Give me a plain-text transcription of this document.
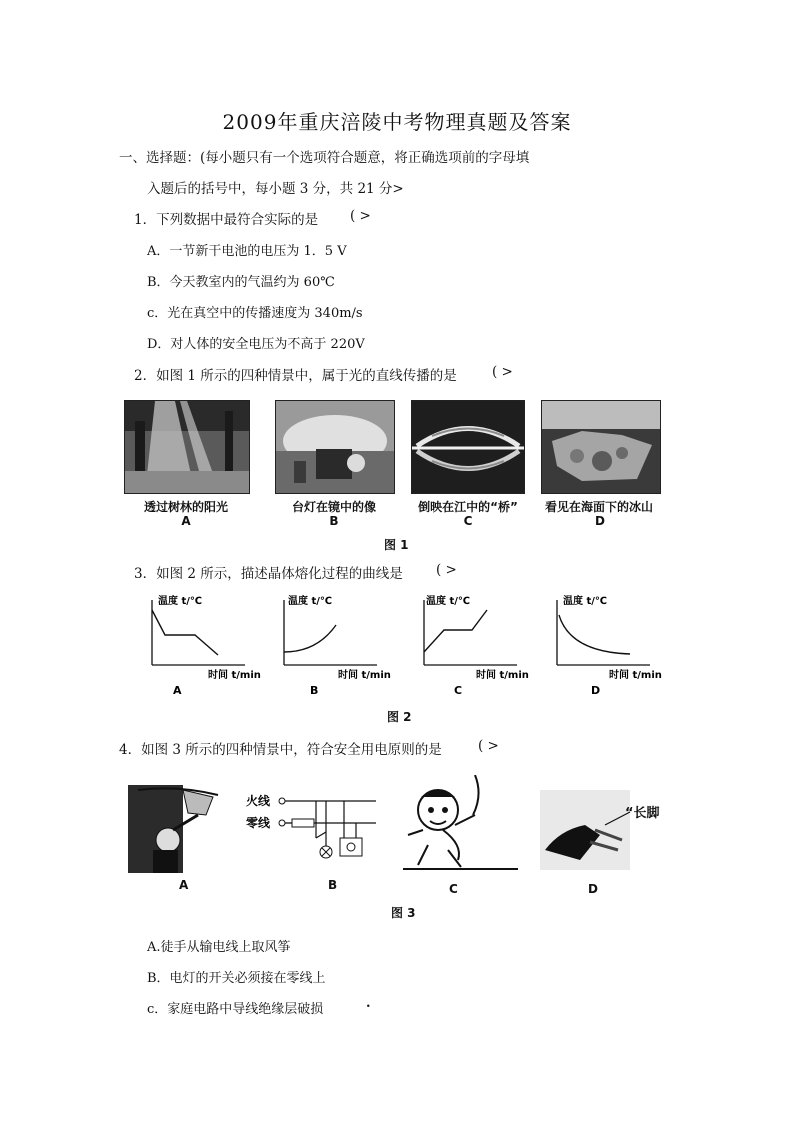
2009年重庆涪陵中考物理真题及答案
一、选择题：(每小题只有一个选项符合题意，将正确选项前的字母填
入题后的括号中，每小题 3 分，共 21 分>
1．下列数据中最符合实际的是 ( >
A．一节新干电池的电压为 1．5 V
B．今天教室内的气温约为 60℃
c．光在真空中的传播速度为 340m/s
D．对人体的安全电压为不高于 220V
2．如图 1 所示的四种情景中，属于光的直线传播的是	( >
透过树林的阳光	台灯在镜中的像	倒映在江中的“桥”	看见在海面下的冰山
A	B	C	D
图 1
3．如图 2 所示，描述晶体熔化过程的曲线是 ( >
温度 t/℃
时间 t/min
A
温度 t/℃
时间 t/min
B
温度 t/℃
时间 t/min
C
温度 t/℃
时间 t/min
D
图 2
4．如图 3 所示的四种情景中，符合安全用电原则的是	( >
A
火线
零线
B	C
“长脚
D
图 3
A.徒手从输电线上取风筝
B．电灯的开关必须接在零线上
c．家庭电路中导线绝缘层破损	.
